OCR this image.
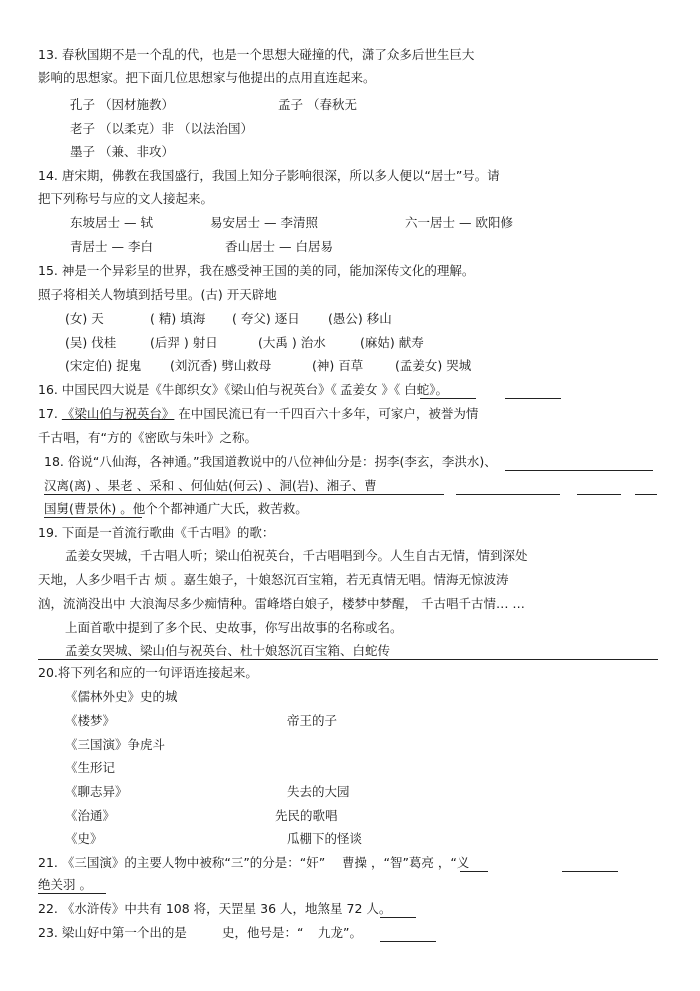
13. 春秋国期不是一个乱的代，也是一个思想大碰撞的代，潇了众多后世生巨大
影响的思想家。把下面几位思想家与他提出的点用直连起来。
孔子 （因材施教）	孟子 （春秋无
老子 （以柔克）非 （以法治国）
墨子 （兼、非攻）
14. 唐宋期，佛教在我国盛行，我国上知分子影响很深，所以多人便以“居士”号。请
把下列称号与应的文人接起来。
东坡居士 — 轼	易安居士 — 李清照	六一居士 — 欧阳修
青居士 — 李白	香山居士 — 白居易
15. 神是一个异彩呈的世界，我在感受神王国的美的同，能加深传文化的理解。
照子将相关人物填到括号里。(古) 开天辟地
(女) 天	( 精) 填海 ( 夸父) 逐日 (愚公) 移山
(吴) 伐桂	(后羿 ) 射日	(大禹 ) 治水	(麻姑) 献寿
(宋定伯) 捉鬼 (刘沉香) 劈山救母	(神) 百草	(孟姜女) 哭城
16. 中国民四大说是《牛郎织女》《梁山伯与祝英台》《 孟姜女 》《 白蛇》。
17. 《梁山伯与祝英台》 在中国民流已有一千四百六十多年，可家户，被誉为情
千古唱，有“方的《密欧与朱叶》之称。
18. 俗说“八仙海，各神通。”我国道教说中的八位神仙分是：拐李(李玄，李洪水)、
汉离(离) 、果老 、采和 、何仙姑(何云) 、洞(岩)、湘子、曹
国舅(曹景休) 。他个个都神通广大氏，救苦救。
19. 下面是一首流行歌曲《千古唱》的歌：
孟姜女哭城，千古唱人听；梁山伯祝英台，千古唱唱到今。人生自古无情，情到深处
天地，人多少唱千古 烦 。嘉生娘子，十娘怒沉百宝箱，若无真情无唱。情海无惊波涛
汹，流淌没出中 大浪淘尽多少痴情种。雷峰塔白娘子，楼梦中梦醒， 千古唱千古情… …
上面首歌中提到了多个民、史故事，你写出故事的名称或名。
孟姜女哭城、梁山伯与祝英台、杜十娘怒沉百宝箱、白蛇传
20.将下列名和应的一句评语连接起来。
《儒林外史》史的城
《楼梦》	帝王的子
《三国演》争虎斗
《生形记
《聊志异》	失去的大园
《治通》	先民的歌唱
《史》	瓜棚下的怪谈
21. 《三国演》的主要人物中被称“三”的分是：“奸” 曹操 ，“智”葛亮 ，“义
绝关羽 。
22. 《水浒传》中共有 108 将，天罡星 36 人，地煞星 72 人。
23. 梁山好中第一个出的是	史，他号是：“ 九龙”。
